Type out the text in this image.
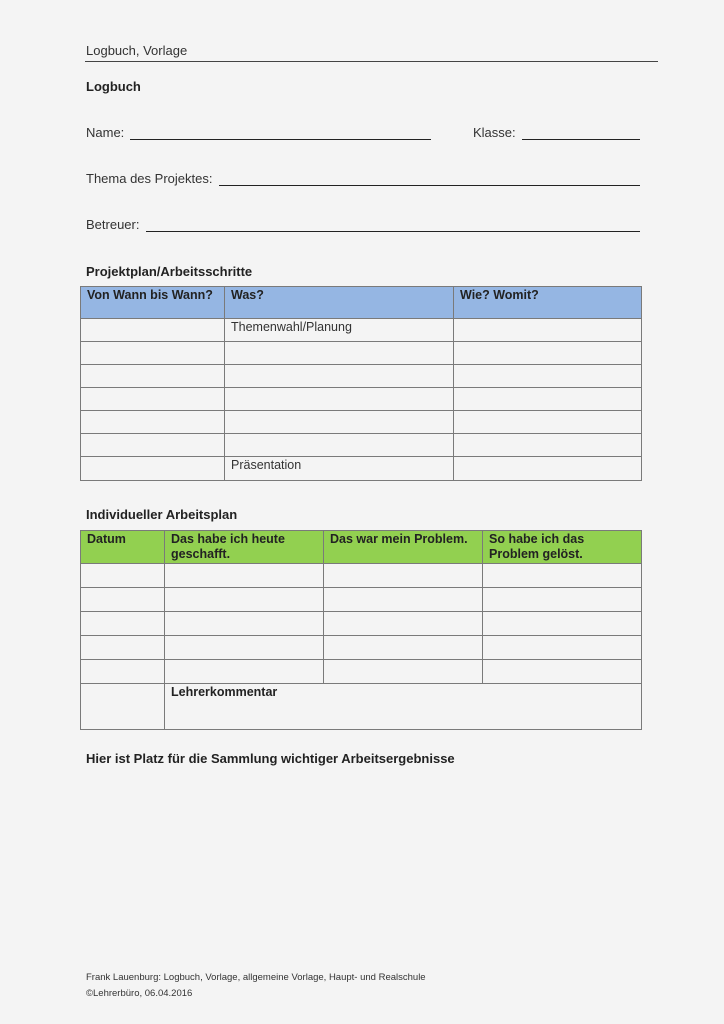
Logbuch, Vorlage
Logbuch
Name:	Klasse:
Thema des Projektes:
Betreuer:
Projektplan/Arbeitsschritte
Von Wann bis Wann?	Was?	Wie? Womit?
	Themenwahl/Planung	

	Präsentation	
Individueller Arbeitsplan
Datum	Das habe ich heute geschafft.	Das war mein Problem.	So habe ich das Problem gelöst.

	Lehrerkommentar		
Hier ist Platz für die Sammlung wichtiger Arbeitsergebnisse
Frank Lauenburg: Logbuch, Vorlage, allgemeine Vorlage, Haupt- und Realschule
©Lehrerbüro, 06.04.2016
